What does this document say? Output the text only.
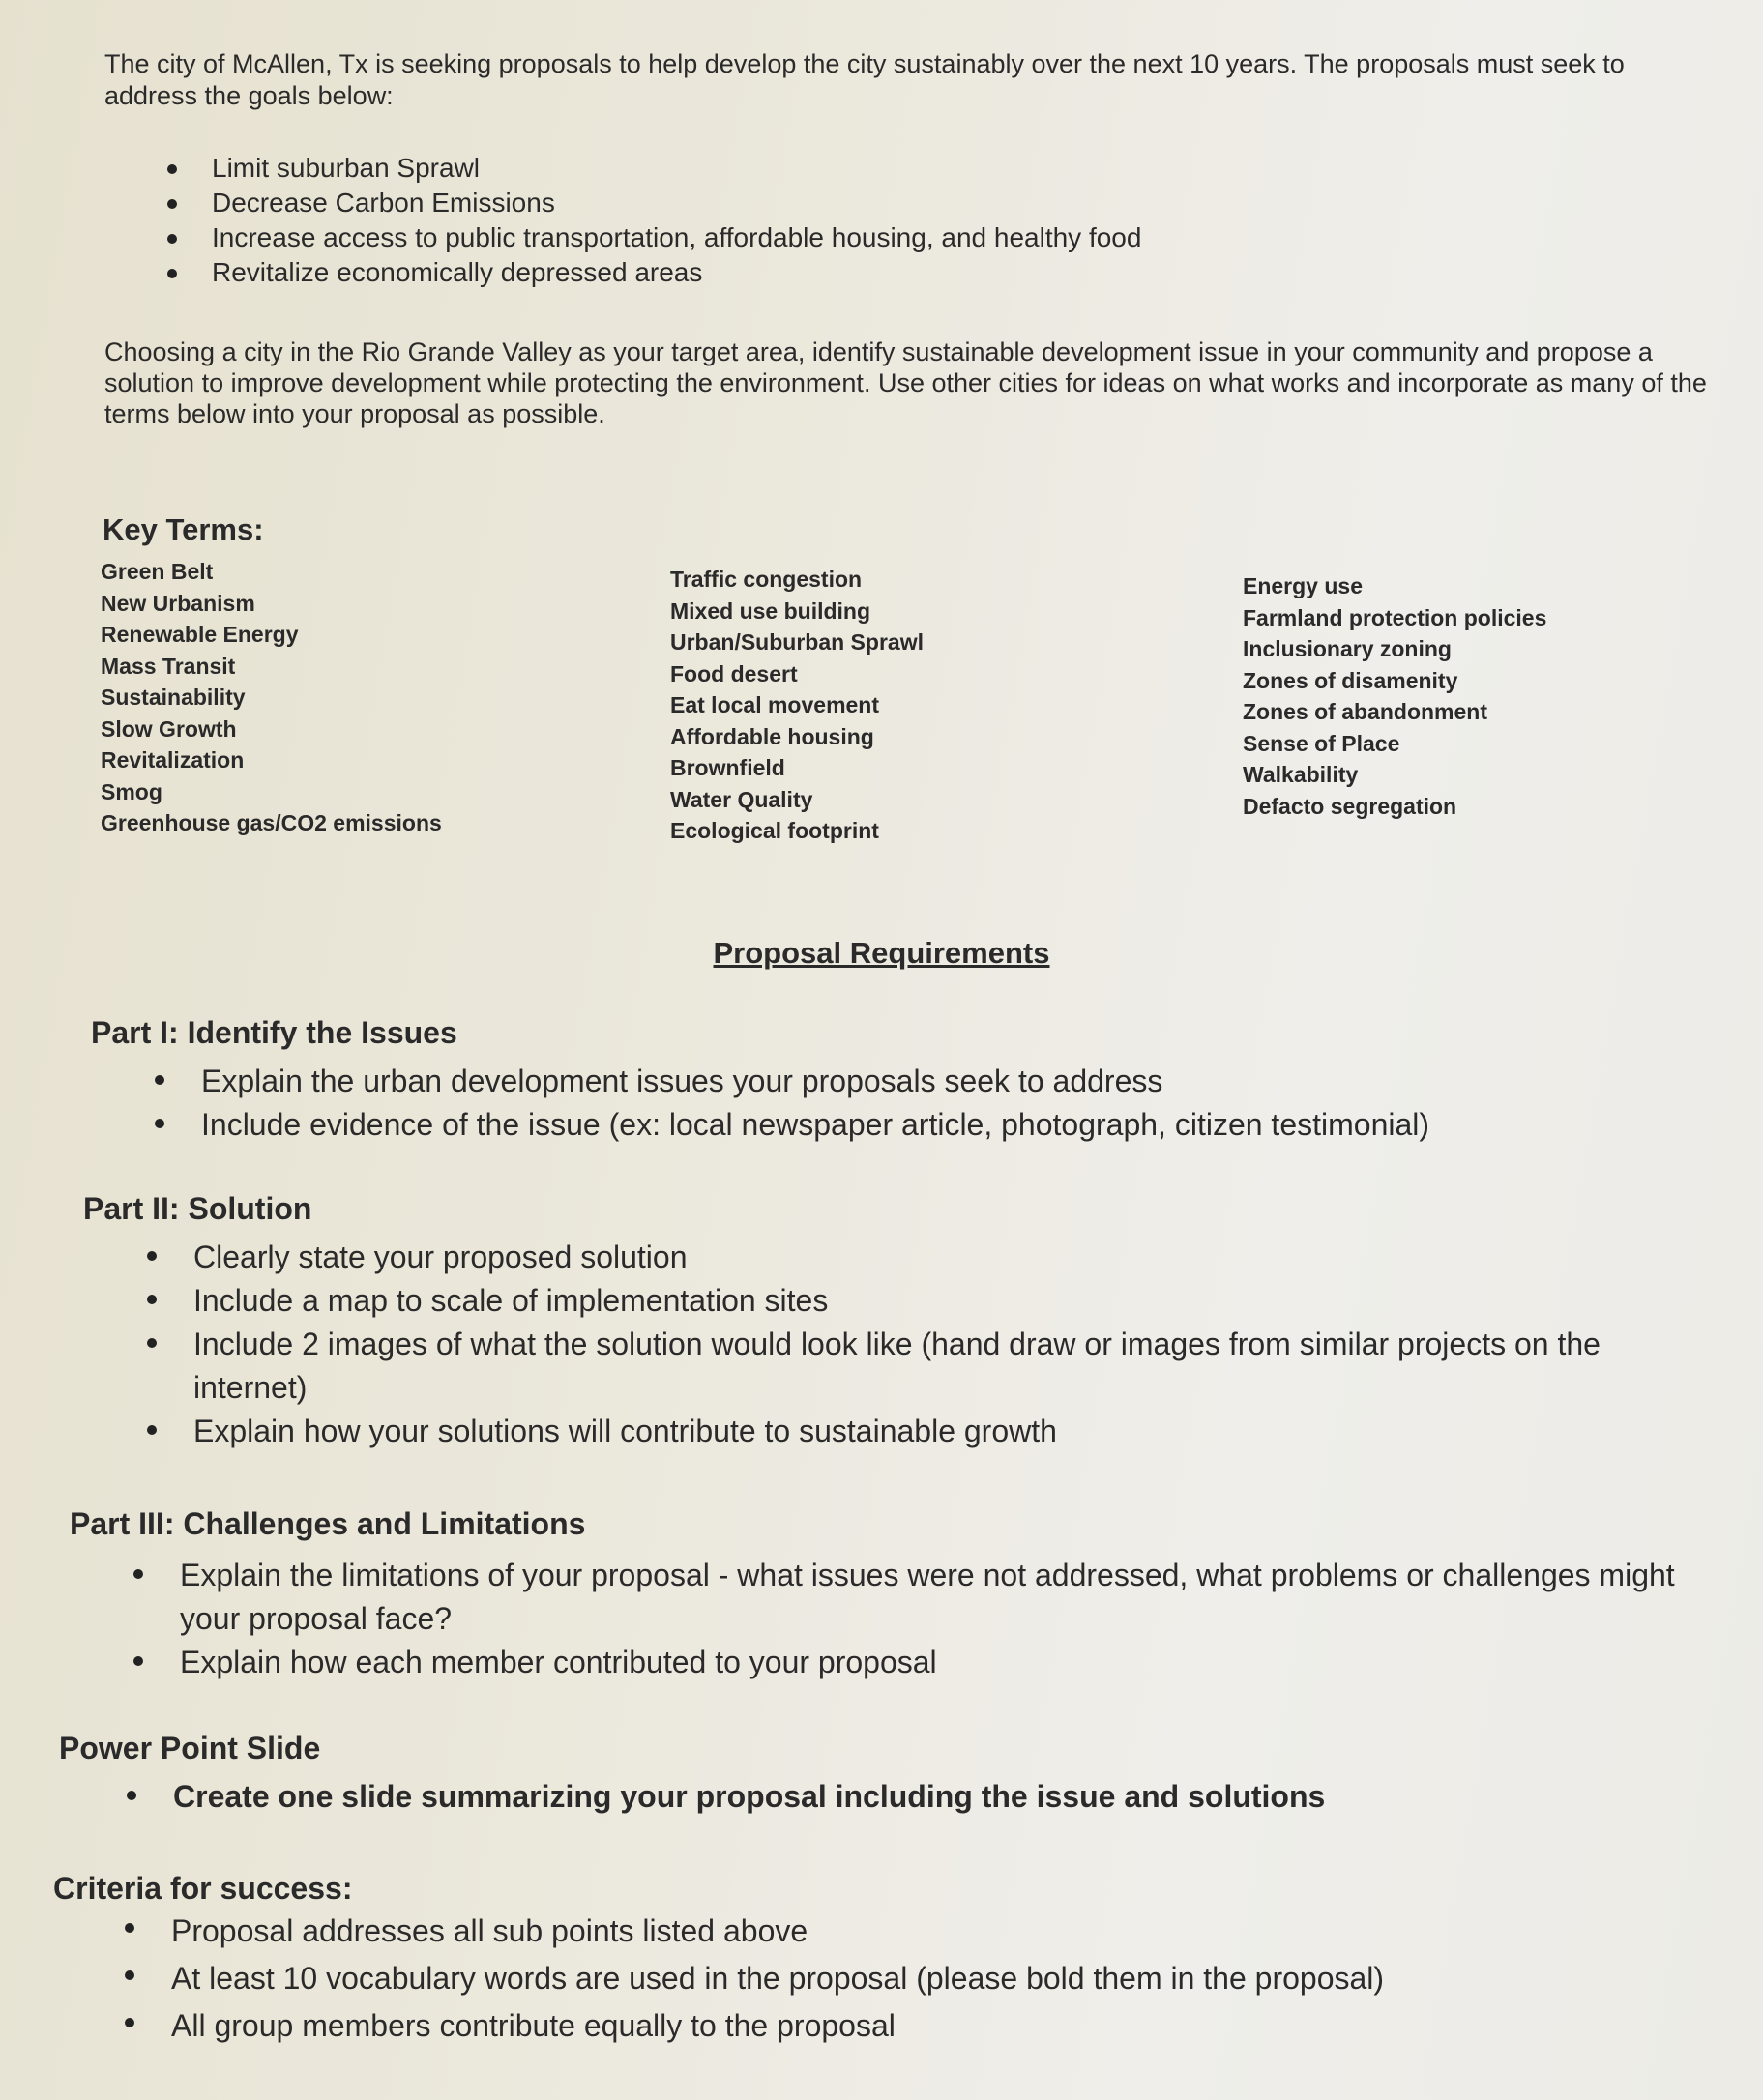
The city of McAllen, Tx is seeking proposals to help develop the city sustainably over the next 10 years. The proposals must seek to address the goals below:

Limit suburban Sprawl
Decrease Carbon Emissions
Increase access to public transportation, affordable housing, and healthy food
Revitalize economically depressed areas

Choosing a city in the Rio Grande Valley as your target area, identify sustainable development issue in your community and propose a solution to improve development while protecting the environment. Use other cities for ideas on what works and incorporate as many of the terms below into your proposal as possible.

Key Terms:
Green Belt
New Urbanism
Renewable Energy
Mass Transit
Sustainability
Slow Growth
Revitalization
Smog
Greenhouse gas/CO2 emissions
Traffic congestion
Mixed use building
Urban/Suburban Sprawl
Food desert
Eat local movement
Affordable housing
Brownfield
Water Quality
Ecological footprint
Energy use
Farmland protection policies
Inclusionary zoning
Zones of disamenity
Zones of abandonment
Sense of Place
Walkability
Defacto segregation
Proposal Requirements
Part I: Identify the Issues
Explain the urban development issues your proposals seek to address
Include evidence of the issue (ex: local newspaper article, photograph, citizen testimonial)
Part II: Solution
Clearly state your proposed solution
Include a map to scale of implementation sites
Include 2 images of what the solution would look like (hand draw or images from similar projects on the internet)
Explain how your solutions will contribute to sustainable growth
Part III: Challenges and Limitations
Explain the limitations of your proposal - what issues were not addressed, what problems or challenges might your proposal face?
Explain how each member contributed to your proposal
Power Point Slide
Create one slide summarizing your proposal including the issue and solutions
Criteria for success:
Proposal addresses all sub points listed above
At least 10 vocabulary words are used in the proposal (please bold them in the proposal)
All group members contribute equally to the proposal
